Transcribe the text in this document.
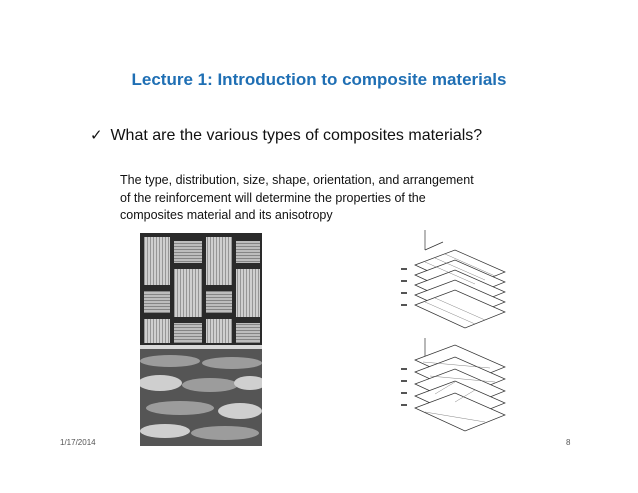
Lecture 1: Introduction to composite materials
✓ What are the various types of composites materials?
The type, distribution, size, shape, orientation, and arrangement
of the reinforcement will determine the properties of the
composites material and its anisotropy
1/17/2014	8
